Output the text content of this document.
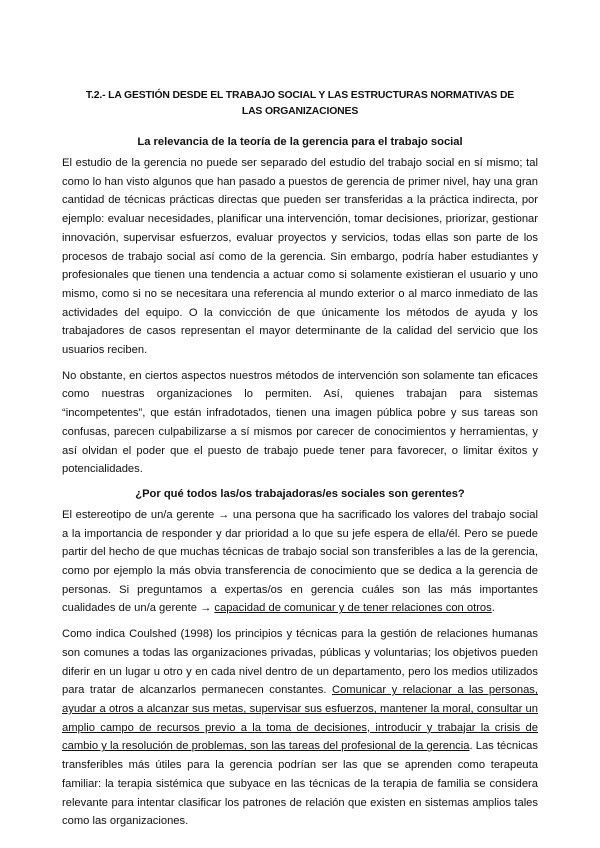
T.2.- LA GESTIÓN DESDE EL TRABAJO SOCIAL Y LAS ESTRUCTURAS NORMATIVAS DE
LAS ORGANIZACIONES
La relevancia de la teoría de la gerencia para el trabajo social

El estudio de la gerencia no puede ser separado del estudio del trabajo social en sí mismo; tal como lo han visto algunos que han pasado a puestos de gerencia de primer nivel, hay una gran cantidad de técnicas prácticas directas que pueden ser transferidas a la práctica indirecta, por ejemplo: evaluar necesidades, planificar una intervención, tomar decisiones, priorizar, gestionar innovación, supervisar esfuerzos, evaluar proyectos y servicios, todas ellas son parte de los procesos de trabajo social así como de la gerencia. Sin embargo, podría haber estudiantes y profesionales que tienen una tendencia a actuar como si solamente existieran el usuario y uno mismo, como si no se necesitara una referencia al mundo exterior o al marco inmediato de las actividades del equipo. O la convicción de que únicamente los métodos de ayuda y los trabajadores de casos representan el mayor determinante de la calidad del servicio que los usuarios reciben.

No obstante, en ciertos aspectos nuestros métodos de intervención son solamente tan eficaces como nuestras organizaciones lo permiten. Así, quienes trabajan para sistemas “incompetentes”, que están infradotados, tienen una imagen pública pobre y sus tareas son confusas, parecen culpabilizarse a sí mismos por carecer de conocimientos y herramientas, y así olvidan el poder que el puesto de trabajo puede tener para favorecer, o limitar éxitos y potencialidades.

¿Por qué todos las/os trabajadoras/es sociales son gerentes?

El estereotipo de un/a gerente → una persona que ha sacrificado los valores del trabajo social a la importancia de responder y dar prioridad a lo que su jefe espera de ella/él. Pero se puede partir del hecho de que muchas técnicas de trabajo social son transferibles a las de la gerencia, como por ejemplo la más obvia transferencia de conocimiento que se dedica a la gerencia de personas. Si preguntamos a expertas/os en gerencia cuáles son las más importantes cualidades de un/a gerente → capacidad de comunicar y de tener relaciones con otros.

Como indica Coulshed (1998) los principios y técnicas para la gestión de relaciones humanas son comunes a todas las organizaciones privadas, públicas y voluntarias; los objetivos pueden diferir en un lugar u otro y en cada nivel dentro de un departamento, pero los medios utilizados para tratar de alcanzarlos permanecen constantes. Comunicar y relacionar a las personas, ayudar a otros a alcanzar sus metas, supervisar sus esfuerzos, mantener la moral, consultar un amplio campo de recursos previo a la toma de decisiones, introducir y trabajar la crisis de cambio y la resolución de problemas, son las tareas del profesional de la gerencia. Las técnicas transferibles más útiles para la gerencia podrían ser las que se aprenden como terapeuta familiar: la terapia sistémica que subyace en las técnicas de la terapia de familia se considera relevante para intentar clasificar los patrones de relación que existen en sistemas amplios tales como las organizaciones.
